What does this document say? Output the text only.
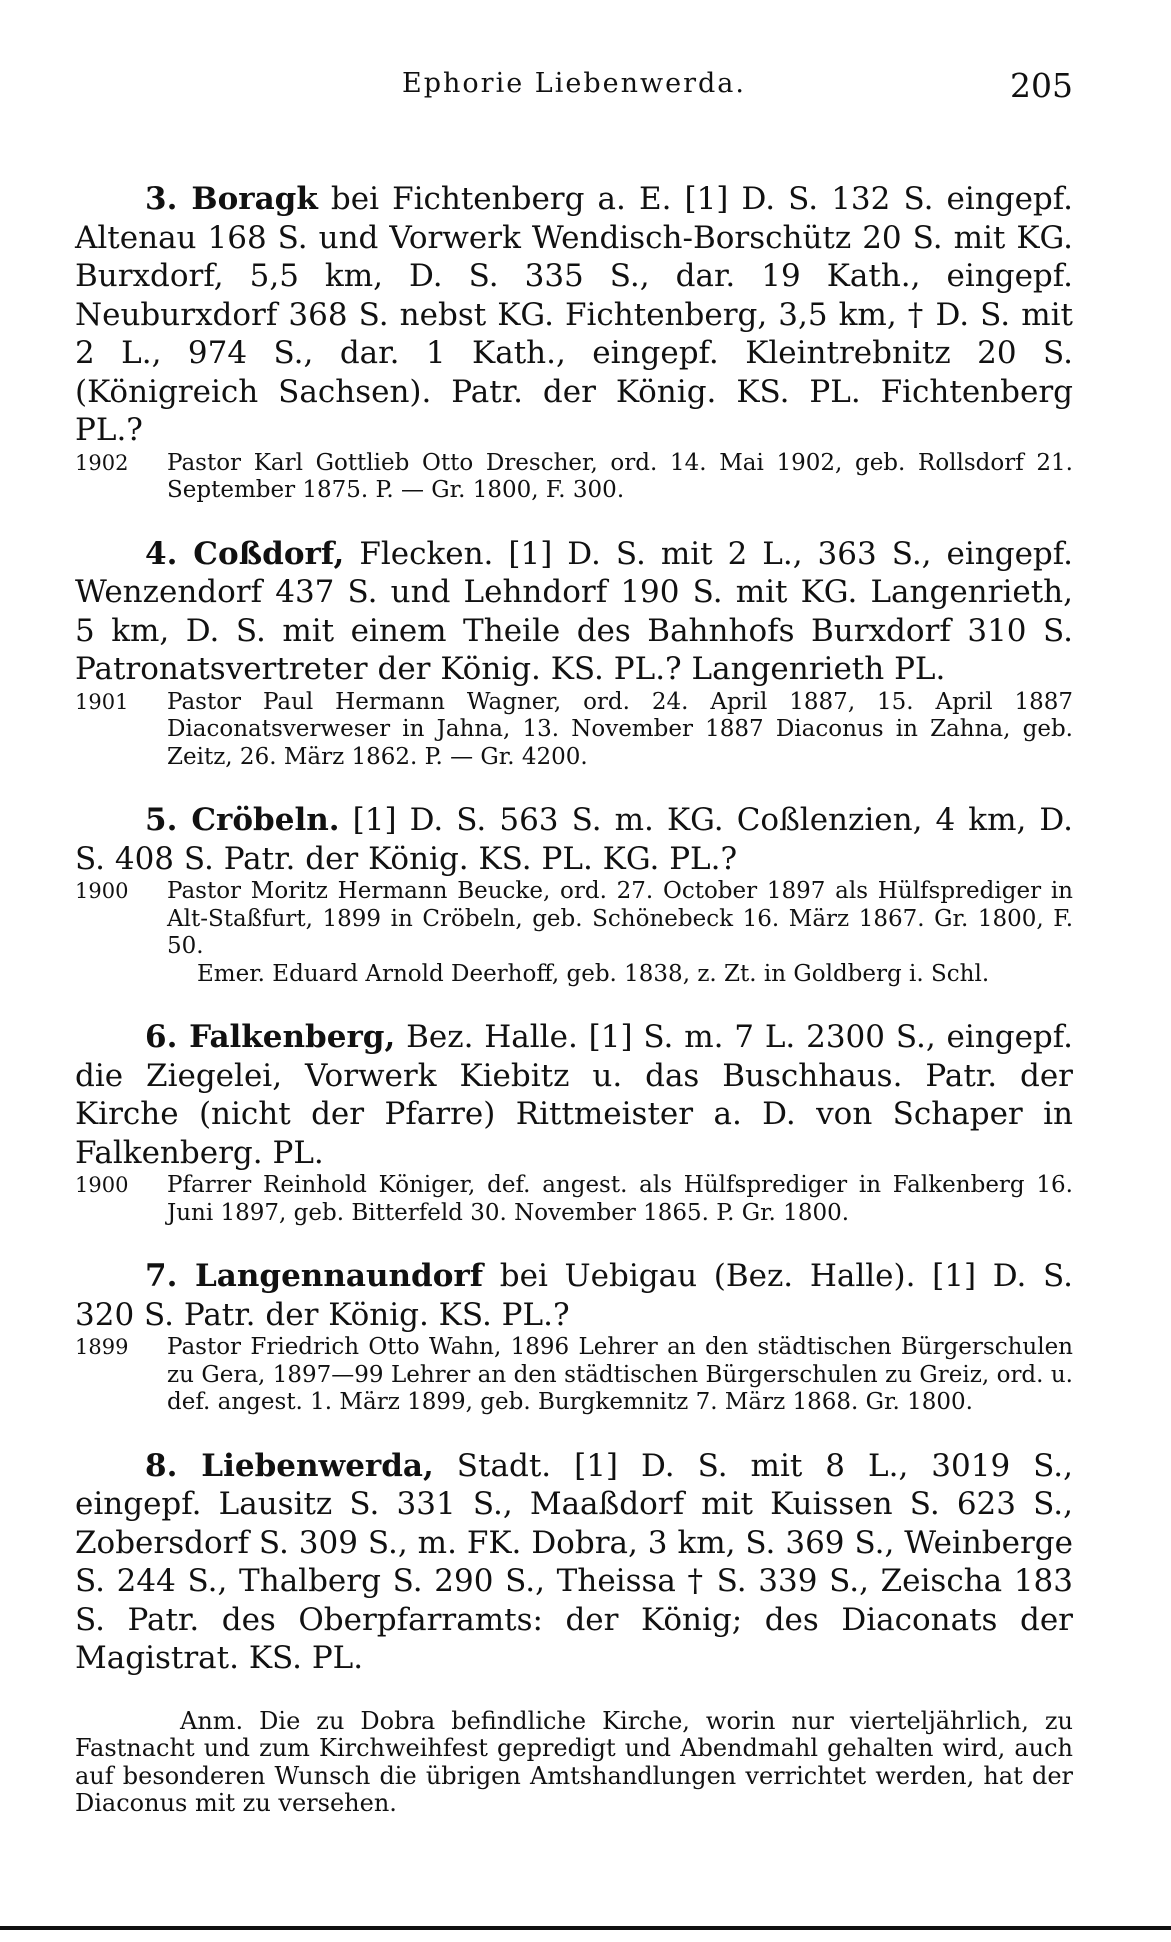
Ephorie Liebenwerda.	205

3. Boragk bei Fichtenberg a. E. [1] D. S. 132 S. eingepf. Altenau 168 S. und Vorwerk Wendisch-Borschütz 20 S. mit KG. Burxdorf, 5,5 km, D. S. 335 S., dar. 19 Kath., eingepf. Neuburxdorf 368 S. nebst KG. Fichtenberg, 3,5 km, † D. S. mit 2 L., 974 S., dar. 1 Kath., eingepf. Kleintrebnitz 20 S. (Königreich Sachsen). Patr. der König. KS. PL. Fichtenberg PL.?

1902 Pastor Karl Gottlieb Otto Drescher, ord. 14. Mai 1902, geb. Rollsdorf 21. September 1875. P. — Gr. 1800, F. 300.

4. Coßdorf, Flecken. [1] D. S. mit 2 L., 363 S., eingepf. Wenzendorf 437 S. und Lehndorf 190 S. mit KG. Langenrieth, 5 km, D. S. mit einem Theile des Bahnhofs Burxdorf 310 S. Patronatsvertreter der König. KS. PL.? Langenrieth PL.

1901 Pastor Paul Hermann Wagner, ord. 24. April 1887, 15. April 1887 Diaconatsverweser in Jahna, 13. November 1887 Diaconus in Zahna, geb. Zeitz, 26. März 1862. P. — Gr. 4200.

5. Cröbeln. [1] D. S. 563 S. m. KG. Coßlenzien, 4 km, D. S. 408 S. Patr. der König. KS. PL. KG. PL.?

1900 Pastor Moritz Hermann Beucke, ord. 27. October 1897 als Hülfsprediger in Alt-Staßfurt, 1899 in Cröbeln, geb. Schönebeck 16. März 1867. Gr. 1800, F. 50.

Emer. Eduard Arnold Deerhoff, geb. 1838, z. Zt. in Goldberg i. Schl.

6. Falkenberg, Bez. Halle. [1] S. m. 7 L. 2300 S., eingepf. die Ziegelei, Vorwerk Kiebitz u. das Buschhaus. Patr. der Kirche (nicht der Pfarre) Rittmeister a. D. von Schaper in Falkenberg. PL.

1900 Pfarrer Reinhold Königer, def. angest. als Hülfsprediger in Falkenberg 16. Juni 1897, geb. Bitterfeld 30. November 1865. P. Gr. 1800.

7. Langennaundorf bei Uebigau (Bez. Halle). [1] D. S. 320 S. Patr. der König. KS. PL.?

1899 Pastor Friedrich Otto Wahn, 1896 Lehrer an den städtischen Bürgerschulen zu Gera, 1897—99 Lehrer an den städtischen Bürgerschulen zu Greiz, ord. u. def. angest. 1. März 1899, geb. Burgkemnitz 7. März 1868. Gr. 1800.

8. Liebenwerda, Stadt. [1] D. S. mit 8 L., 3019 S., eingepf. Lausitz S. 331 S., Maaßdorf mit Kuissen S. 623 S., Zobersdorf S. 309 S., m. FK. Dobra, 3 km, S. 369 S., Weinberge S. 244 S., Thalberg S. 290 S., Theissa † S. 339 S., Zeischa 183 S. Patr. des Oberpfarramts: der König; des Diaconats der Magistrat. KS. PL.

Anm. Die zu Dobra befindliche Kirche, worin nur vierteljährlich, zu Fastnacht und zum Kirchweihfest gepredigt und Abendmahl gehalten wird, auch auf besonderen Wunsch die übrigen Amtshandlungen verrichtet werden, hat der Diaconus mit zu versehen.
